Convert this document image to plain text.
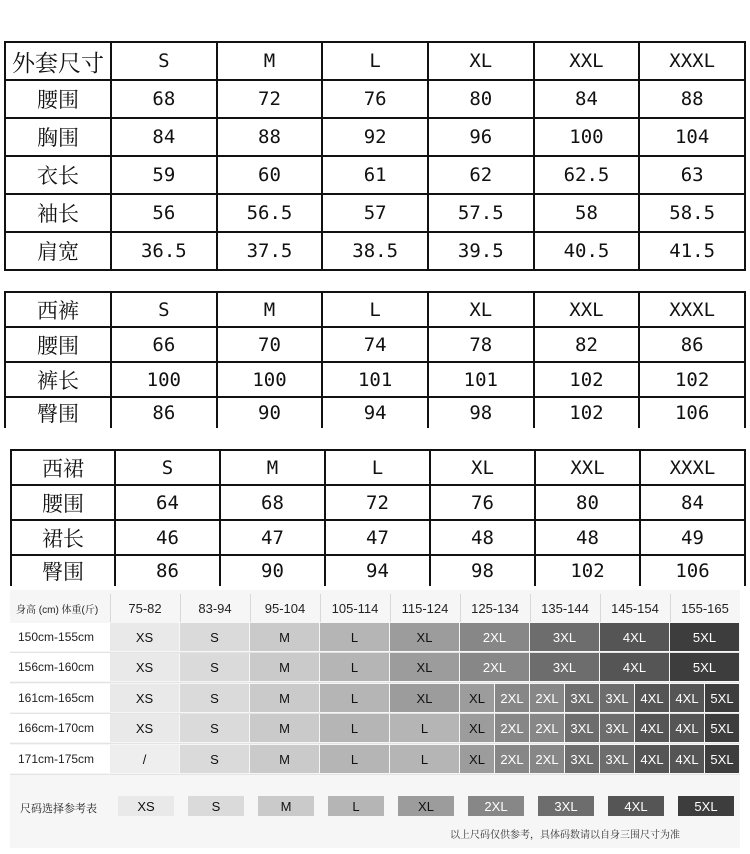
外套尺寸	S	M	L	XL	XXL	XXXL
腰围	68	72	76	80	84	88
胸围	84	88	92	96	100	104
衣长	59	60	61	62	62.5	63
袖长	56	56.5	57	57.5	58	58.5
肩宽	36.5	37.5	38.5	39.5	40.5	41.5
西裤	S	M	L	XL	XXL	XXXL
腰围	66	70	74	78	82	86
裤长	100	100	101	101	102	102
臀围	86	90	94	98	102	106
西裙	S	M	L	XL	XXL	XXXL
腰围	64	68	72	76	80	84
裙长	46	47	47	48	48	49
臀围	86	90	94	98	102	106
尺码选择参考表
以上尺码仅供参考，具体码数请以自身三围尺寸为准
身高 (cm) 体重(斤)	75-82	83-94	95-104	105-114	115-124	125-134	135-144	145-154	155-165
150cm-155cm	XS	S	M	L	XL	2XL	3XL	4XL	5XL
156cm-160cm	XS	S	M	L	XL	2XL	3XL	4XL	5XL
161cm-165cm	XS	S	M	L	XL	XL	2XL 2XL 3XL 3XL 4XL 4XL 5XL
166cm-170cm	XS	S	M	L	L	XL	2XL 2XL 3XL 3XL 4XL 4XL 5XL
171cm-175cm	/	S	M	L	L	XL	2XL 2XL 3XL 3XL 4XL 4XL 5XL
XS	S	M	L	XL	2XL	3XL	4XL	5XL
